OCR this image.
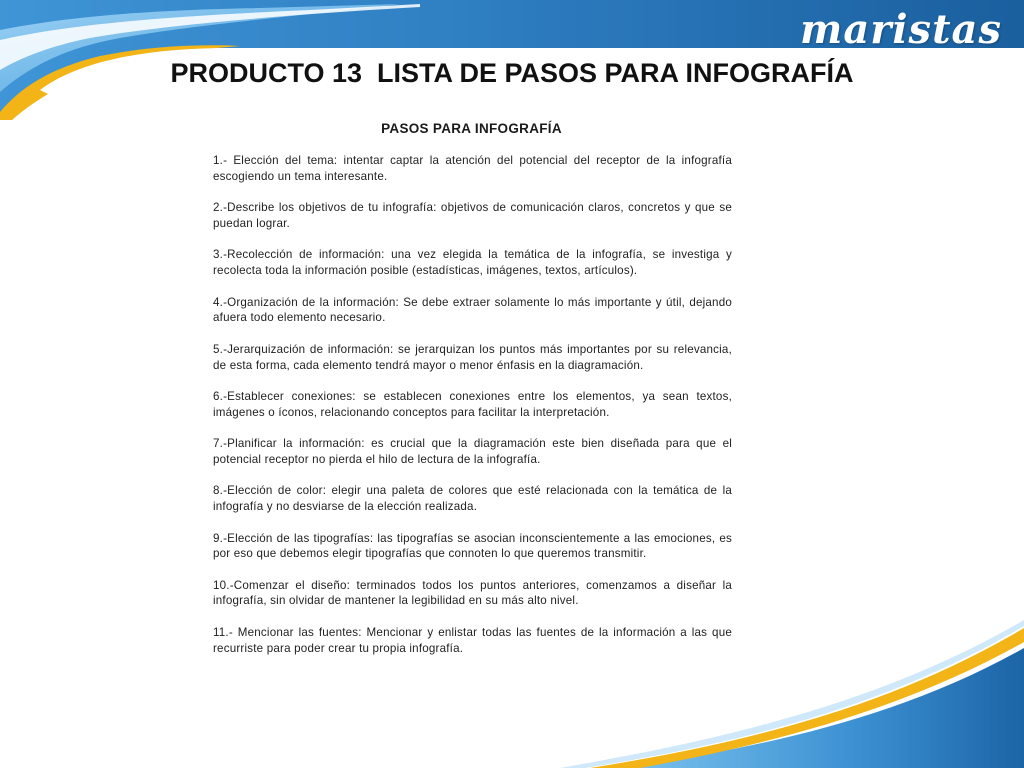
maristas
PRODUCTO 13  LISTA DE PASOS PARA INFOGRAFÍA
PASOS PARA INFOGRAFÍA

1.- Elección del tema: intentar captar la atención del potencial del receptor de la infografía escogiendo un tema interesante.

2.-Describe los objetivos de tu infografía: objetivos de comunicación claros, concretos y que se puedan lograr.

3.-Recolección de información: una vez elegida la temática de la infografía, se investiga y recolecta toda la información posible (estadísticas, imágenes, textos, artículos).

4.-Organización de la información: Se debe extraer solamente lo más importante y útil, dejando afuera todo elemento necesario.

5.-Jerarquización de información: se jerarquizan los puntos más importantes por su relevancia, de esta forma, cada elemento tendrá mayor o menor énfasis en la diagramación.

6.-Establecer conexiones: se establecen conexiones entre los elementos, ya sean textos, imágenes o íconos, relacionando conceptos para facilitar la interpretación.

7.-Planificar la información: es crucial que la diagramación este bien diseñada para que el potencial receptor no pierda el hilo de lectura de la infografía.

8.-Elección de color: elegir una paleta de colores que esté relacionada con la temática de la infografía y no desviarse de la elección realizada.

9.-Elección de las tipografías: las tipografías se asocian inconscientemente a las emociones, es por eso que debemos elegir tipografías que connoten lo que queremos transmitir.

10.-Comenzar el diseño: terminados todos los puntos anteriores, comenzamos a diseñar la infografía, sin olvidar de mantener la legibilidad en su más alto nivel.

11.- Mencionar las fuentes: Mencionar y enlistar todas las fuentes de la información a las que recurriste para poder crear tu propia infografía.
